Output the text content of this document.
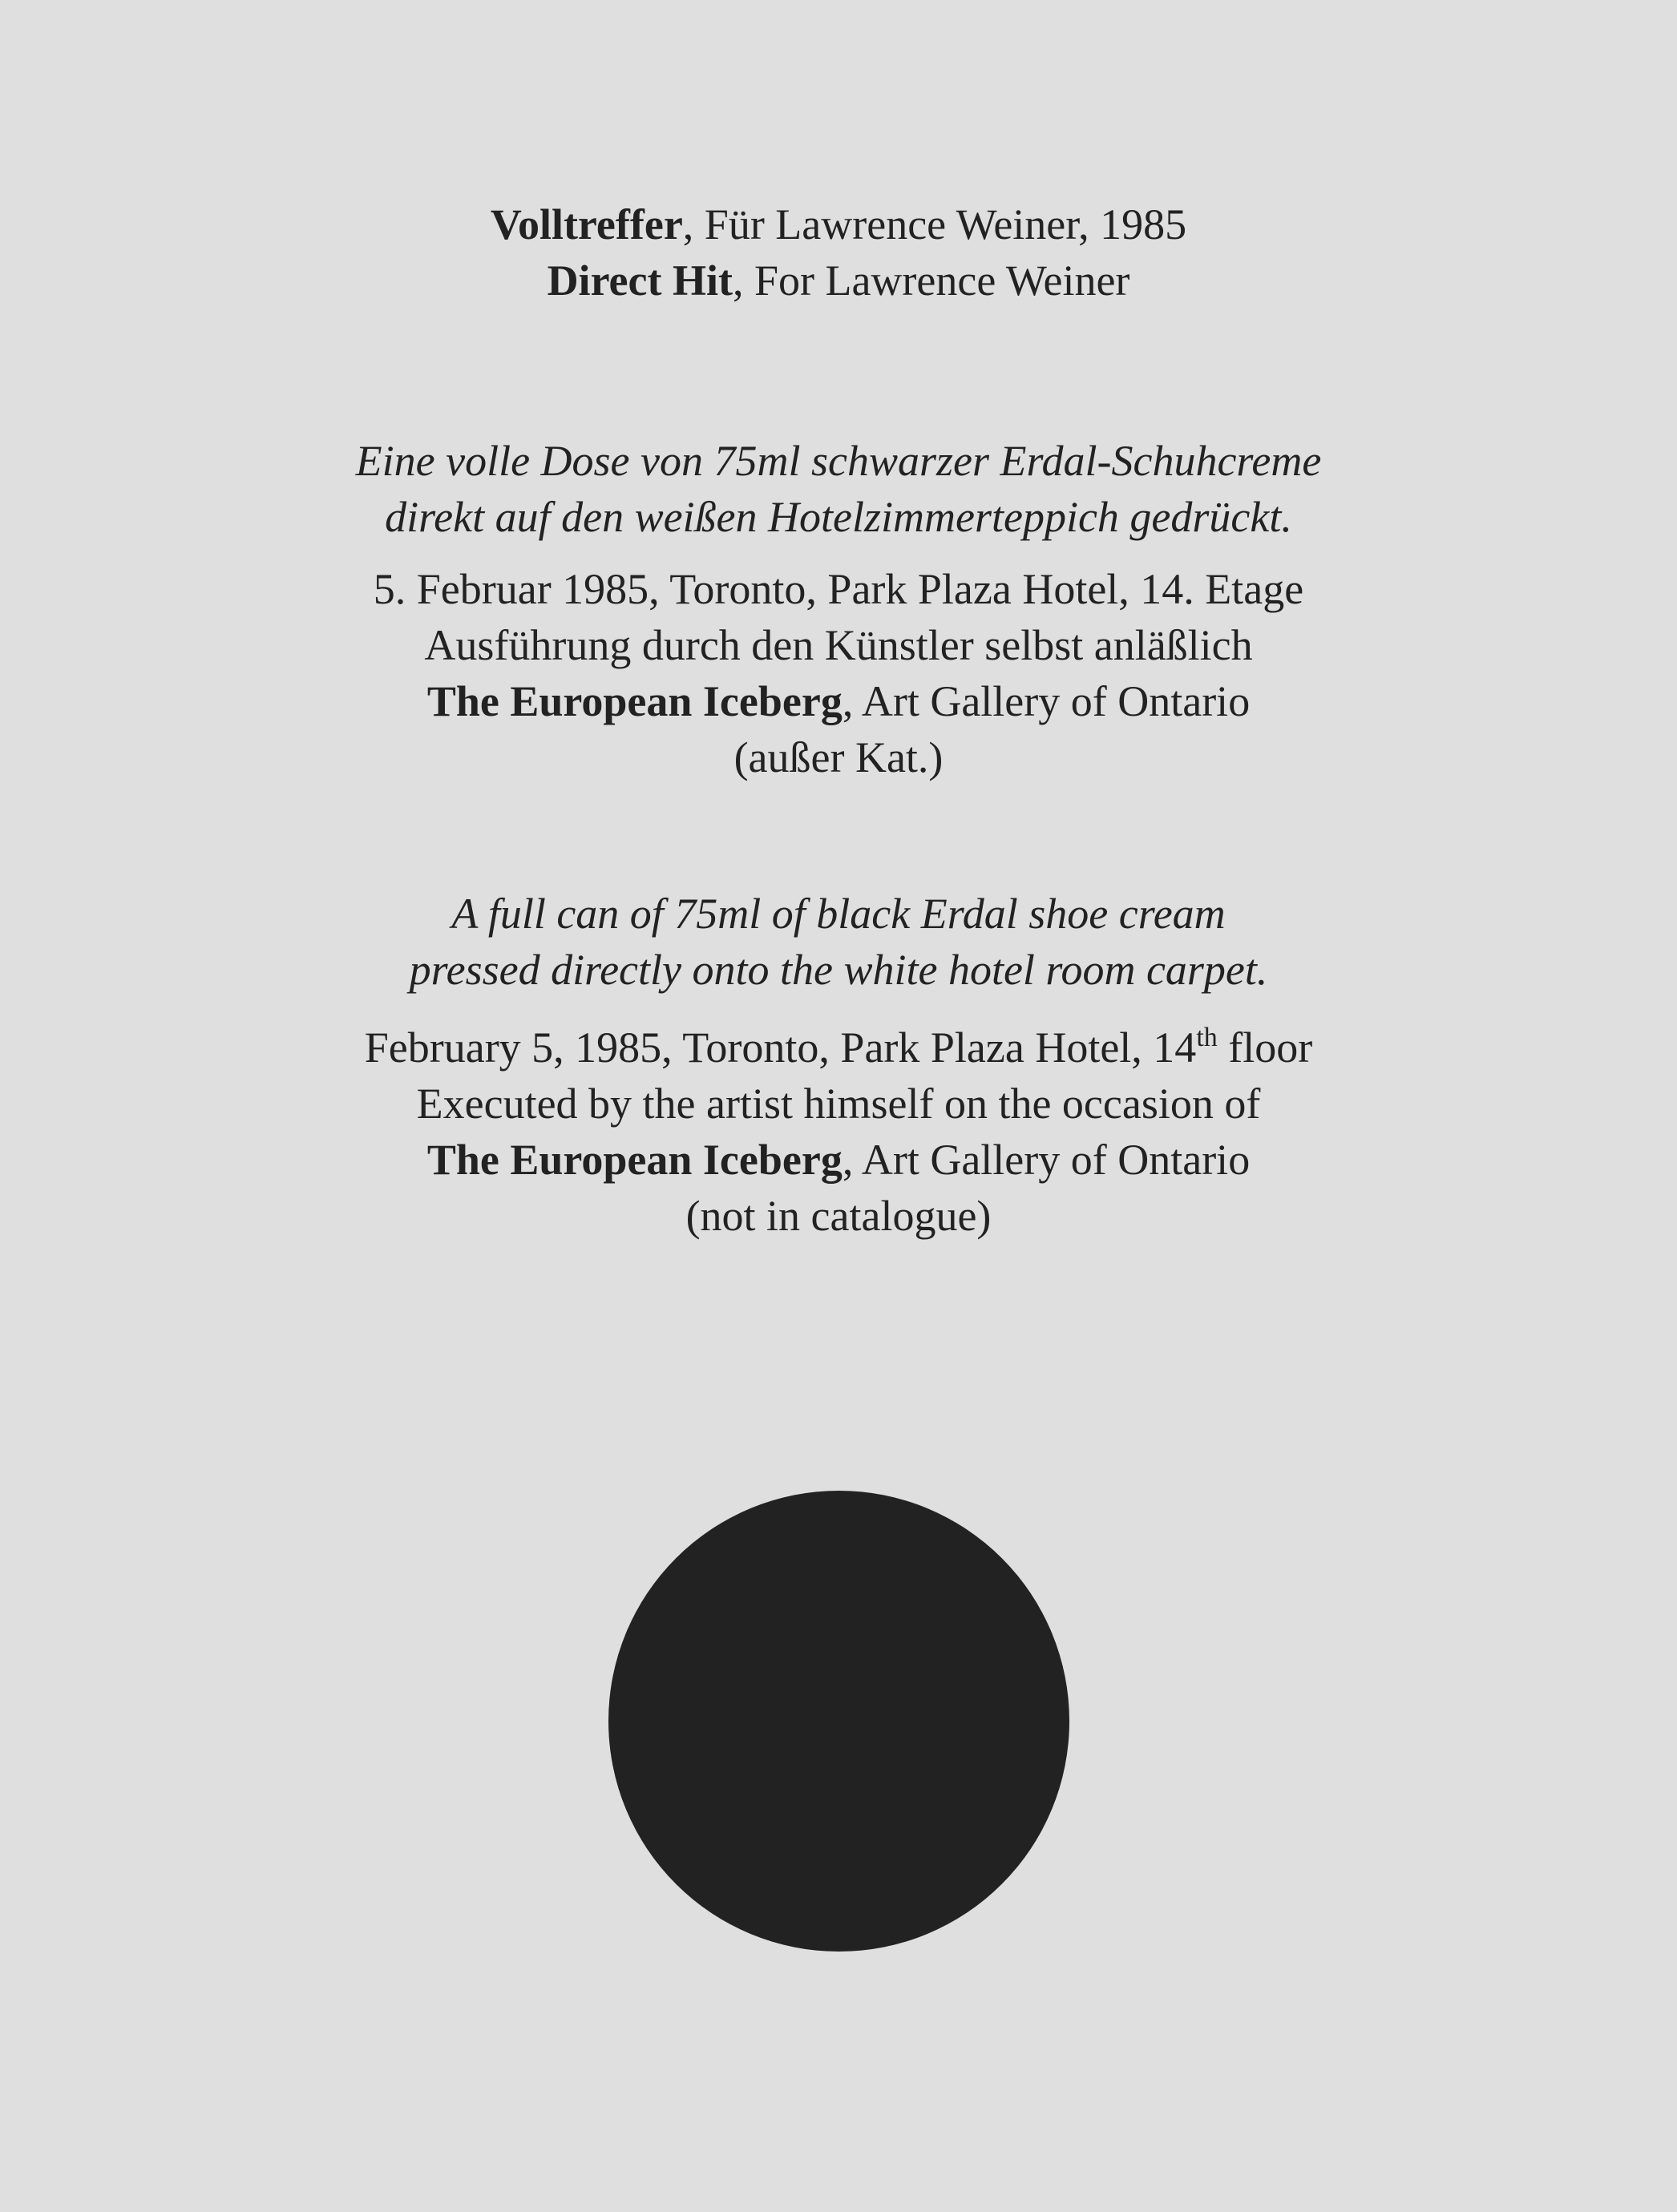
Volltreffer, Für Lawrence Weiner, 1985
Direct Hit, For Lawrence Weiner
Eine volle Dose von 75ml schwarzer Erdal-Schuhcreme
direkt auf den weißen Hotelzimmerteppich gedrückt.
5. Februar 1985, Toronto, Park Plaza Hotel, 14. Etage
Ausführung durch den Künstler selbst anläßlich
The European Iceberg, Art Gallery of Ontario
(außer Kat.)
A full can of 75ml of black Erdal shoe cream
pressed directly onto the white hotel room carpet.
February 5, 1985, Toronto, Park Plaza Hotel, 14th floor
Executed by the artist himself on the occasion of
The European Iceberg, Art Gallery of Ontario
(not in catalogue)
